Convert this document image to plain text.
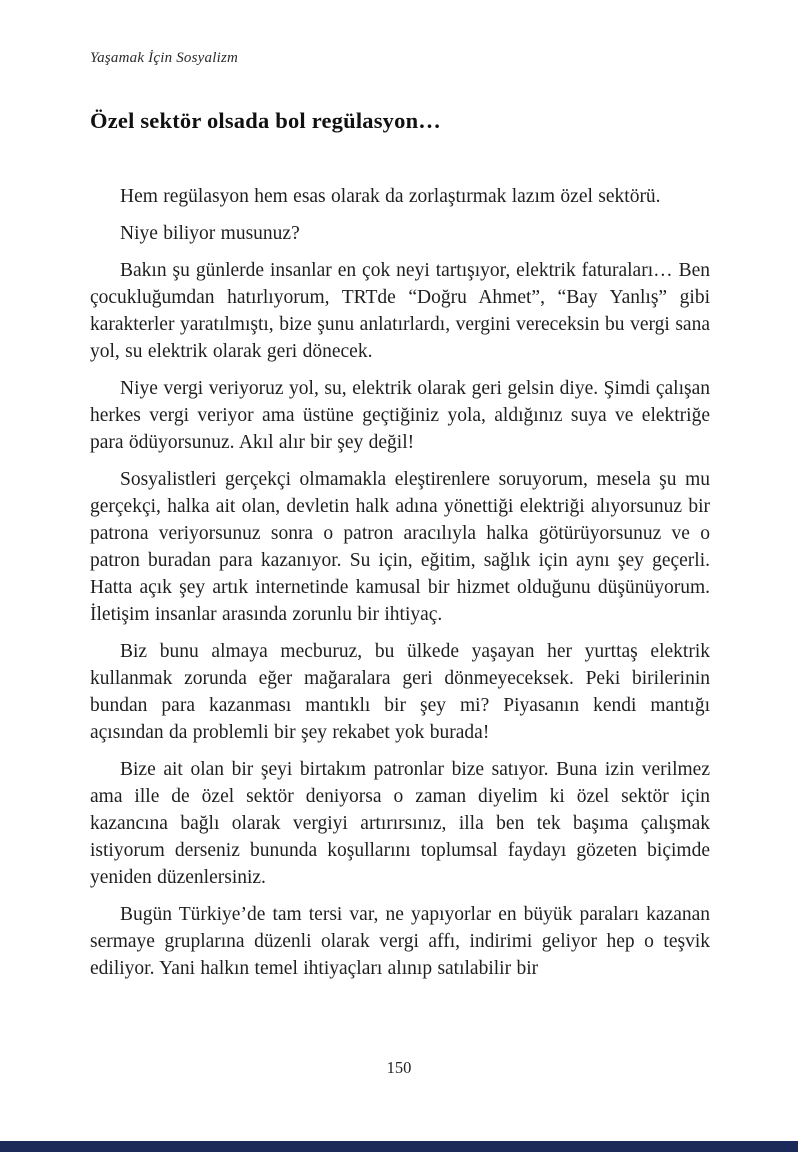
Yaşamak İçin Sosyalizm
Özel sektör olsada bol regülasyon…

Hem regülasyon hem esas olarak da zorlaştırmak lazım özel sektörü.

Niye biliyor musunuz?

Bakın şu günlerde insanlar en çok neyi tartışıyor, elektrik faturaları… Ben çocukluğumdan hatırlıyorum, TRTde “Doğru Ahmet”, “Bay Yanlış” gibi karakterler yaratılmıştı, bize şunu anlatırlardı, vergini vereceksin bu vergi sana yol, su elektrik olarak geri dönecek.

Niye vergi veriyoruz yol, su, elektrik olarak geri gelsin diye. Şimdi çalışan herkes vergi veriyor ama üstüne geçtiğiniz yola, aldığınız suya ve elektriğe para ödüyorsunuz. Akıl alır bir şey değil!

Sosyalistleri gerçekçi olmamakla eleştirenlere soruyorum, mesela şu mu gerçekçi, halka ait olan, devletin halk adına yönettiği elektriği alıyorsunuz bir patrona veriyorsunuz sonra o patron aracılıyla halka götürüyorsunuz ve o patron buradan para kazanıyor. Su için, eğitim, sağlık için aynı şey geçerli. Hatta açık şey artık internetinde kamusal bir hizmet olduğunu düşünüyorum. İletişim insanlar arasında zorunlu bir ihtiyaç.

Biz bunu almaya mecburuz, bu ülkede yaşayan her yurttaş elektrik kullanmak zorunda eğer mağaralara geri dönmeyeceksek. Peki birilerinin bundan para kazanması mantıklı bir şey mi? Piyasanın kendi mantığı açısından da problemli bir şey rekabet yok burada!

Bize ait olan bir şeyi birtakım patronlar bize satıyor. Buna izin verilmez ama ille de özel sektör deniyorsa o zaman diyelim ki özel sektör için kazancına bağlı olarak vergiyi artırırsınız, illa ben tek başıma çalışmak istiyorum derseniz bununda koşullarını toplumsal faydayı gözeten biçimde yeniden düzenlersiniz.

Bugün Türkiye’de tam tersi var, ne yapıyorlar en büyük paraları kazanan sermaye gruplarına düzenli olarak vergi affı, indirimi geliyor hep o teşvik ediliyor. Yani halkın temel ihtiyaçları alınıp satılabilir bir

150
